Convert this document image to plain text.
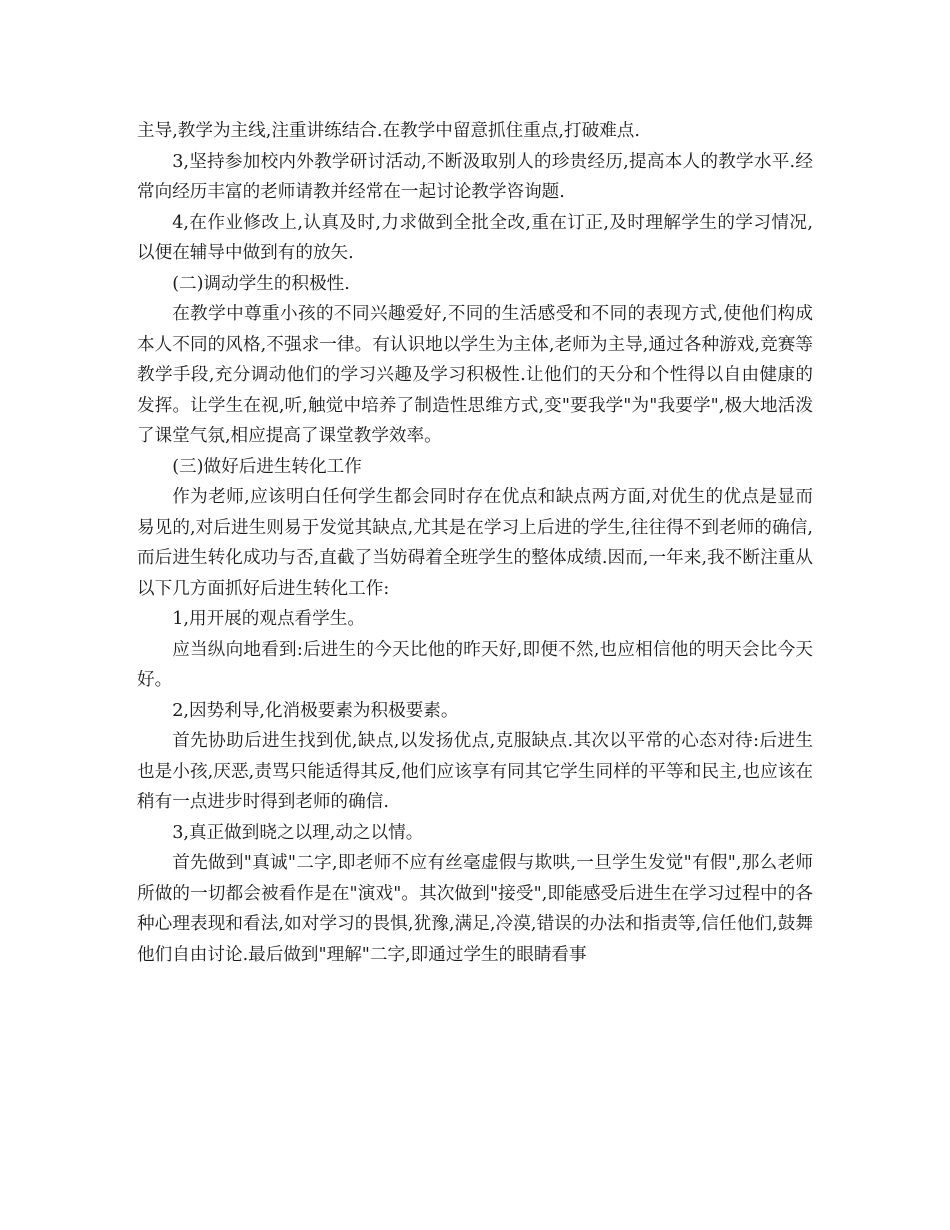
主导,教学为主线,注重讲练结合.在教学中留意抓住重点,打破难点.

3,坚持参加校内外教学研讨活动,不断汲取别人的珍贵经历,提高本人的教学水平.经常向经历丰富的老师请教并经常在一起讨论教学咨询题.

4,在作业修改上,认真及时,力求做到全批全改,重在订正,及时理解学生的学习情况,以便在辅导中做到有的放矢.

(二)调动学生的积极性.

在教学中尊重小孩的不同兴趣爱好,不同的生活感受和不同的表现方式,使他们构成本人不同的风格,不强求一律。有认识地以学生为主体,老师为主导,通过各种游戏,竞赛等教学手段,充分调动他们的学习兴趣及学习积极性.让他们的天分和个性得以自由健康的发挥。让学生在视,听,触觉中培养了制造性思维方式,变"要我学"为"我要学",极大地活泼了课堂气氛,相应提高了课堂教学效率。

(三)做好后进生转化工作

作为老师,应该明白任何学生都会同时存在优点和缺点两方面,对优生的优点是显而易见的,对后进生则易于发觉其缺点,尤其是在学习上后进的学生,往往得不到老师的确信,而后进生转化成功与否,直截了当妨碍着全班学生的整体成绩.因而,一年来,我不断注重从以下几方面抓好后进生转化工作:

1,用开展的观点看学生。

应当纵向地看到:后进生的今天比他的昨天好,即便不然,也应相信他的明天会比今天好。

2,因势利导,化消极要素为积极要素。

首先协助后进生找到优,缺点,以发扬优点,克服缺点.其次以平常的心态对待:后进生也是小孩,厌恶,责骂只能适得其反,他们应该享有同其它学生同样的平等和民主,也应该在稍有一点进步时得到老师的确信.

3,真正做到晓之以理,动之以情。

首先做到"真诚"二字,即老师不应有丝毫虚假与欺哄,一旦学生发觉"有假",那么老师所做的一切都会被看作是在"演戏"。其次做到"接受",即能感受后进生在学习过程中的各种心理表现和看法,如对学习的畏惧,犹豫,满足,冷漠,错误的办法和指责等,信任他们,鼓舞他们自由讨论.最后做到"理解"二字,即通过学生的眼睛看事
